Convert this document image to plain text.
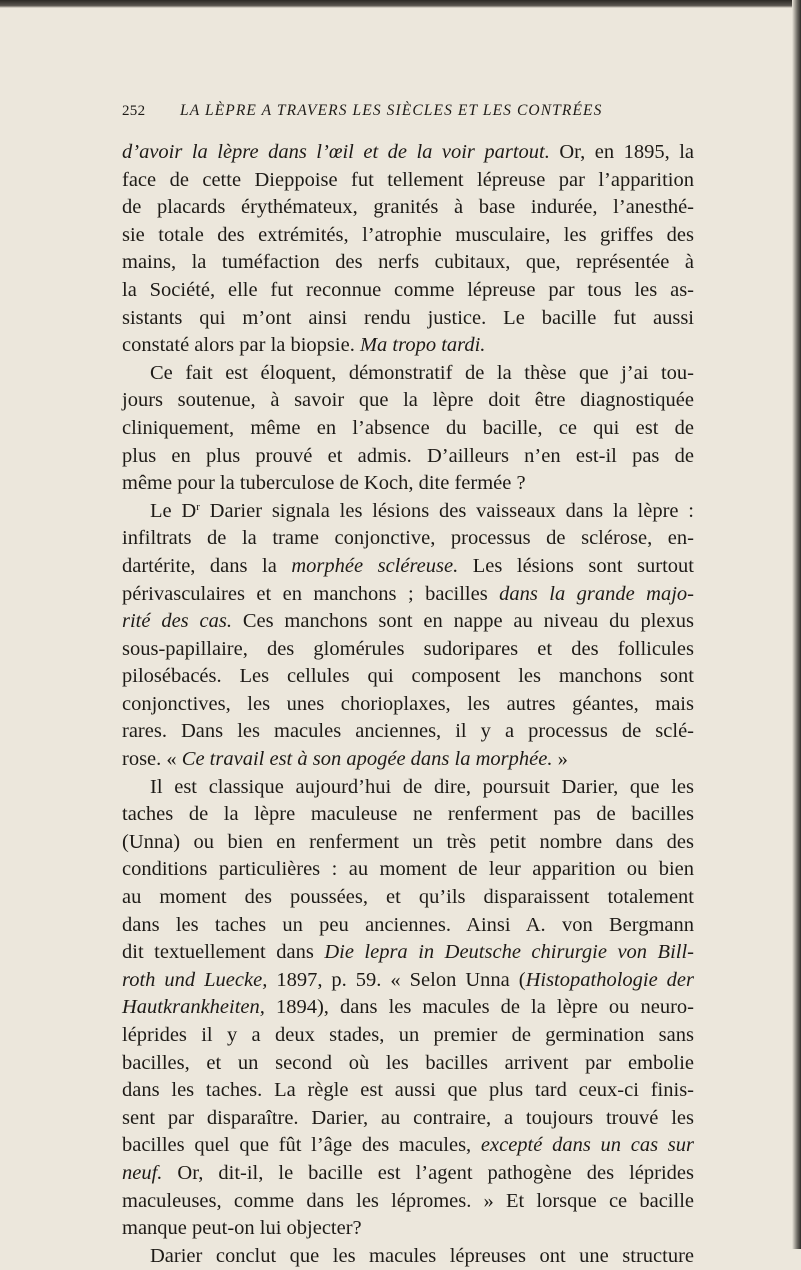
252 LA LÈPRE A TRAVERS LES SIÈCLES ET LES CONTRÉES
d’avoir la lèpre dans l’œil et de la voir partout. Or, en 1895, la
face de cette Dieppoise fut tellement lépreuse par l’apparition
de placards érythémateux, granités à base indurée, l’anesthé-
sie totale des extrémités, l’atrophie musculaire, les griffes des
mains, la tuméfaction des nerfs cubitaux, que, représentée à
la Société, elle fut reconnue comme lépreuse par tous les as-
sistants qui m’ont ainsi rendu justice. Le bacille fut aussi
constaté alors par la biopsie. Ma tropo tardi.
Ce fait est éloquent, démonstratif de la thèse que j’ai tou-
jours soutenue, à savoir que la lèpre doit être diagnostiquée
cliniquement, même en l’absence du bacille, ce qui est de
plus en plus prouvé et admis. D’ailleurs n’en est-il pas de
même pour la tuberculose de Koch, dite fermée ?
Le $D^r$ Darier signala les lésions des vaisseaux dans la lèpre :
infiltrats de la trame conjonctive, processus de sclérose, en-
dartérite, dans la morphée scléreuse. Les lésions sont surtout
périvasculaires et en manchons ; bacilles dans la grande majo-
rité des cas. Ces manchons sont en nappe au niveau du plexus
sous-papillaire, des glomérules sudoripares et des follicules
pilosébacés. Les cellules qui composent les manchons sont
conjonctives, les unes chorioplaxes, les autres géantes, mais
rares. Dans les macules anciennes, il y a processus de sclé-
rose. « Ce travail est à son apogée dans la morphée. »
Il est classique aujourd’hui de dire, poursuit Darier, que les
taches de la lèpre maculeuse ne renferment pas de bacilles
(Unna) ou bien en renferment un très petit nombre dans des
conditions particulières : au moment de leur apparition ou bien
au moment des poussées, et qu’ils disparaissent totalement
dans les taches un peu anciennes. Ainsi A. von Bergmann
dit textuellement dans Die lepra in Deutsche chirurgie von Bill-
roth und Luecke, 1897, p. 59. « Selon Unna (Histopathologie der
Hautkrankheiten, 1894), dans les macules de la lèpre ou neuro-
léprides il y a deux stades, un premier de germination sans
bacilles, et un second où les bacilles arrivent par embolie
dans les taches. La règle est aussi que plus tard ceux-ci finis-
sent par disparaître. Darier, au contraire, a toujours trouvé les
bacilles quel que fût l’âge des macules, excepté dans un cas sur
neuf. Or, dit-il, le bacille est l’agent pathogène des léprides
maculeuses, comme dans les lépromes. » Et lorsque ce bacille
manque peut-on lui objecter?
Darier conclut que les macules lépreuses ont une structure
